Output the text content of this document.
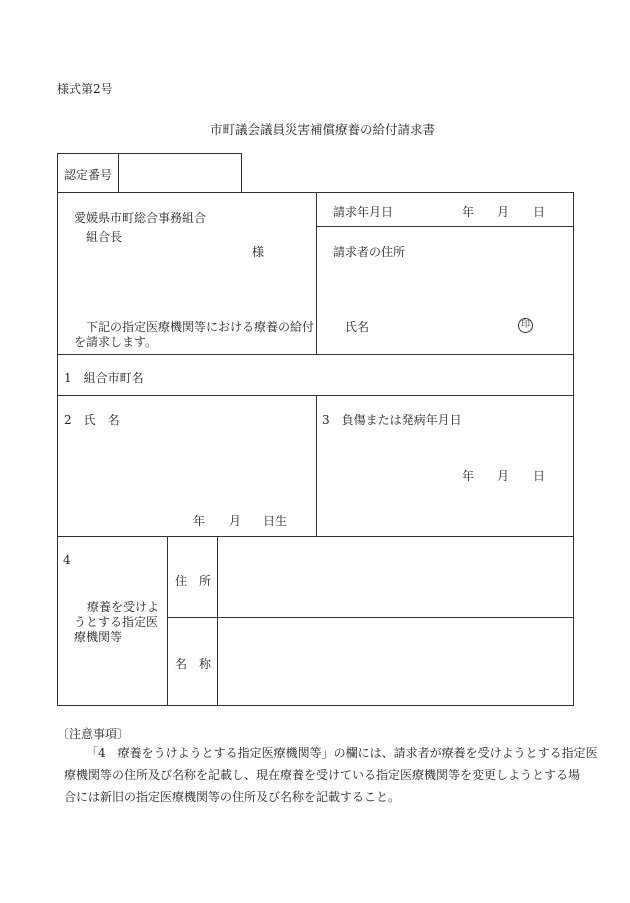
様式第2号
市町議会議員災害補償療養の給付請求書
認定番号
愛媛県市町総合事務組合
組合長
様
下記の指定医療機関等における療養の給付
を請求します。
請求年月日	年 月 日
請求者の住所
氏名	印
1　組合市町名
2　氏　名
年 月 日生
3　負傷または発病年月日
年 月 日
4
療養を受けよ
うとする指定医
療機関等
住　所
名　称
〔注意事項〕
「4　療養をうけようとする指定医療機関等」の欄には、請求者が療養を受けようとする指定医
療機関等の住所及び名称を記載し、現在療養を受けている指定医療機関等を変更しようとする場
合には新旧の指定医療機関等の住所及び名称を記載すること。
